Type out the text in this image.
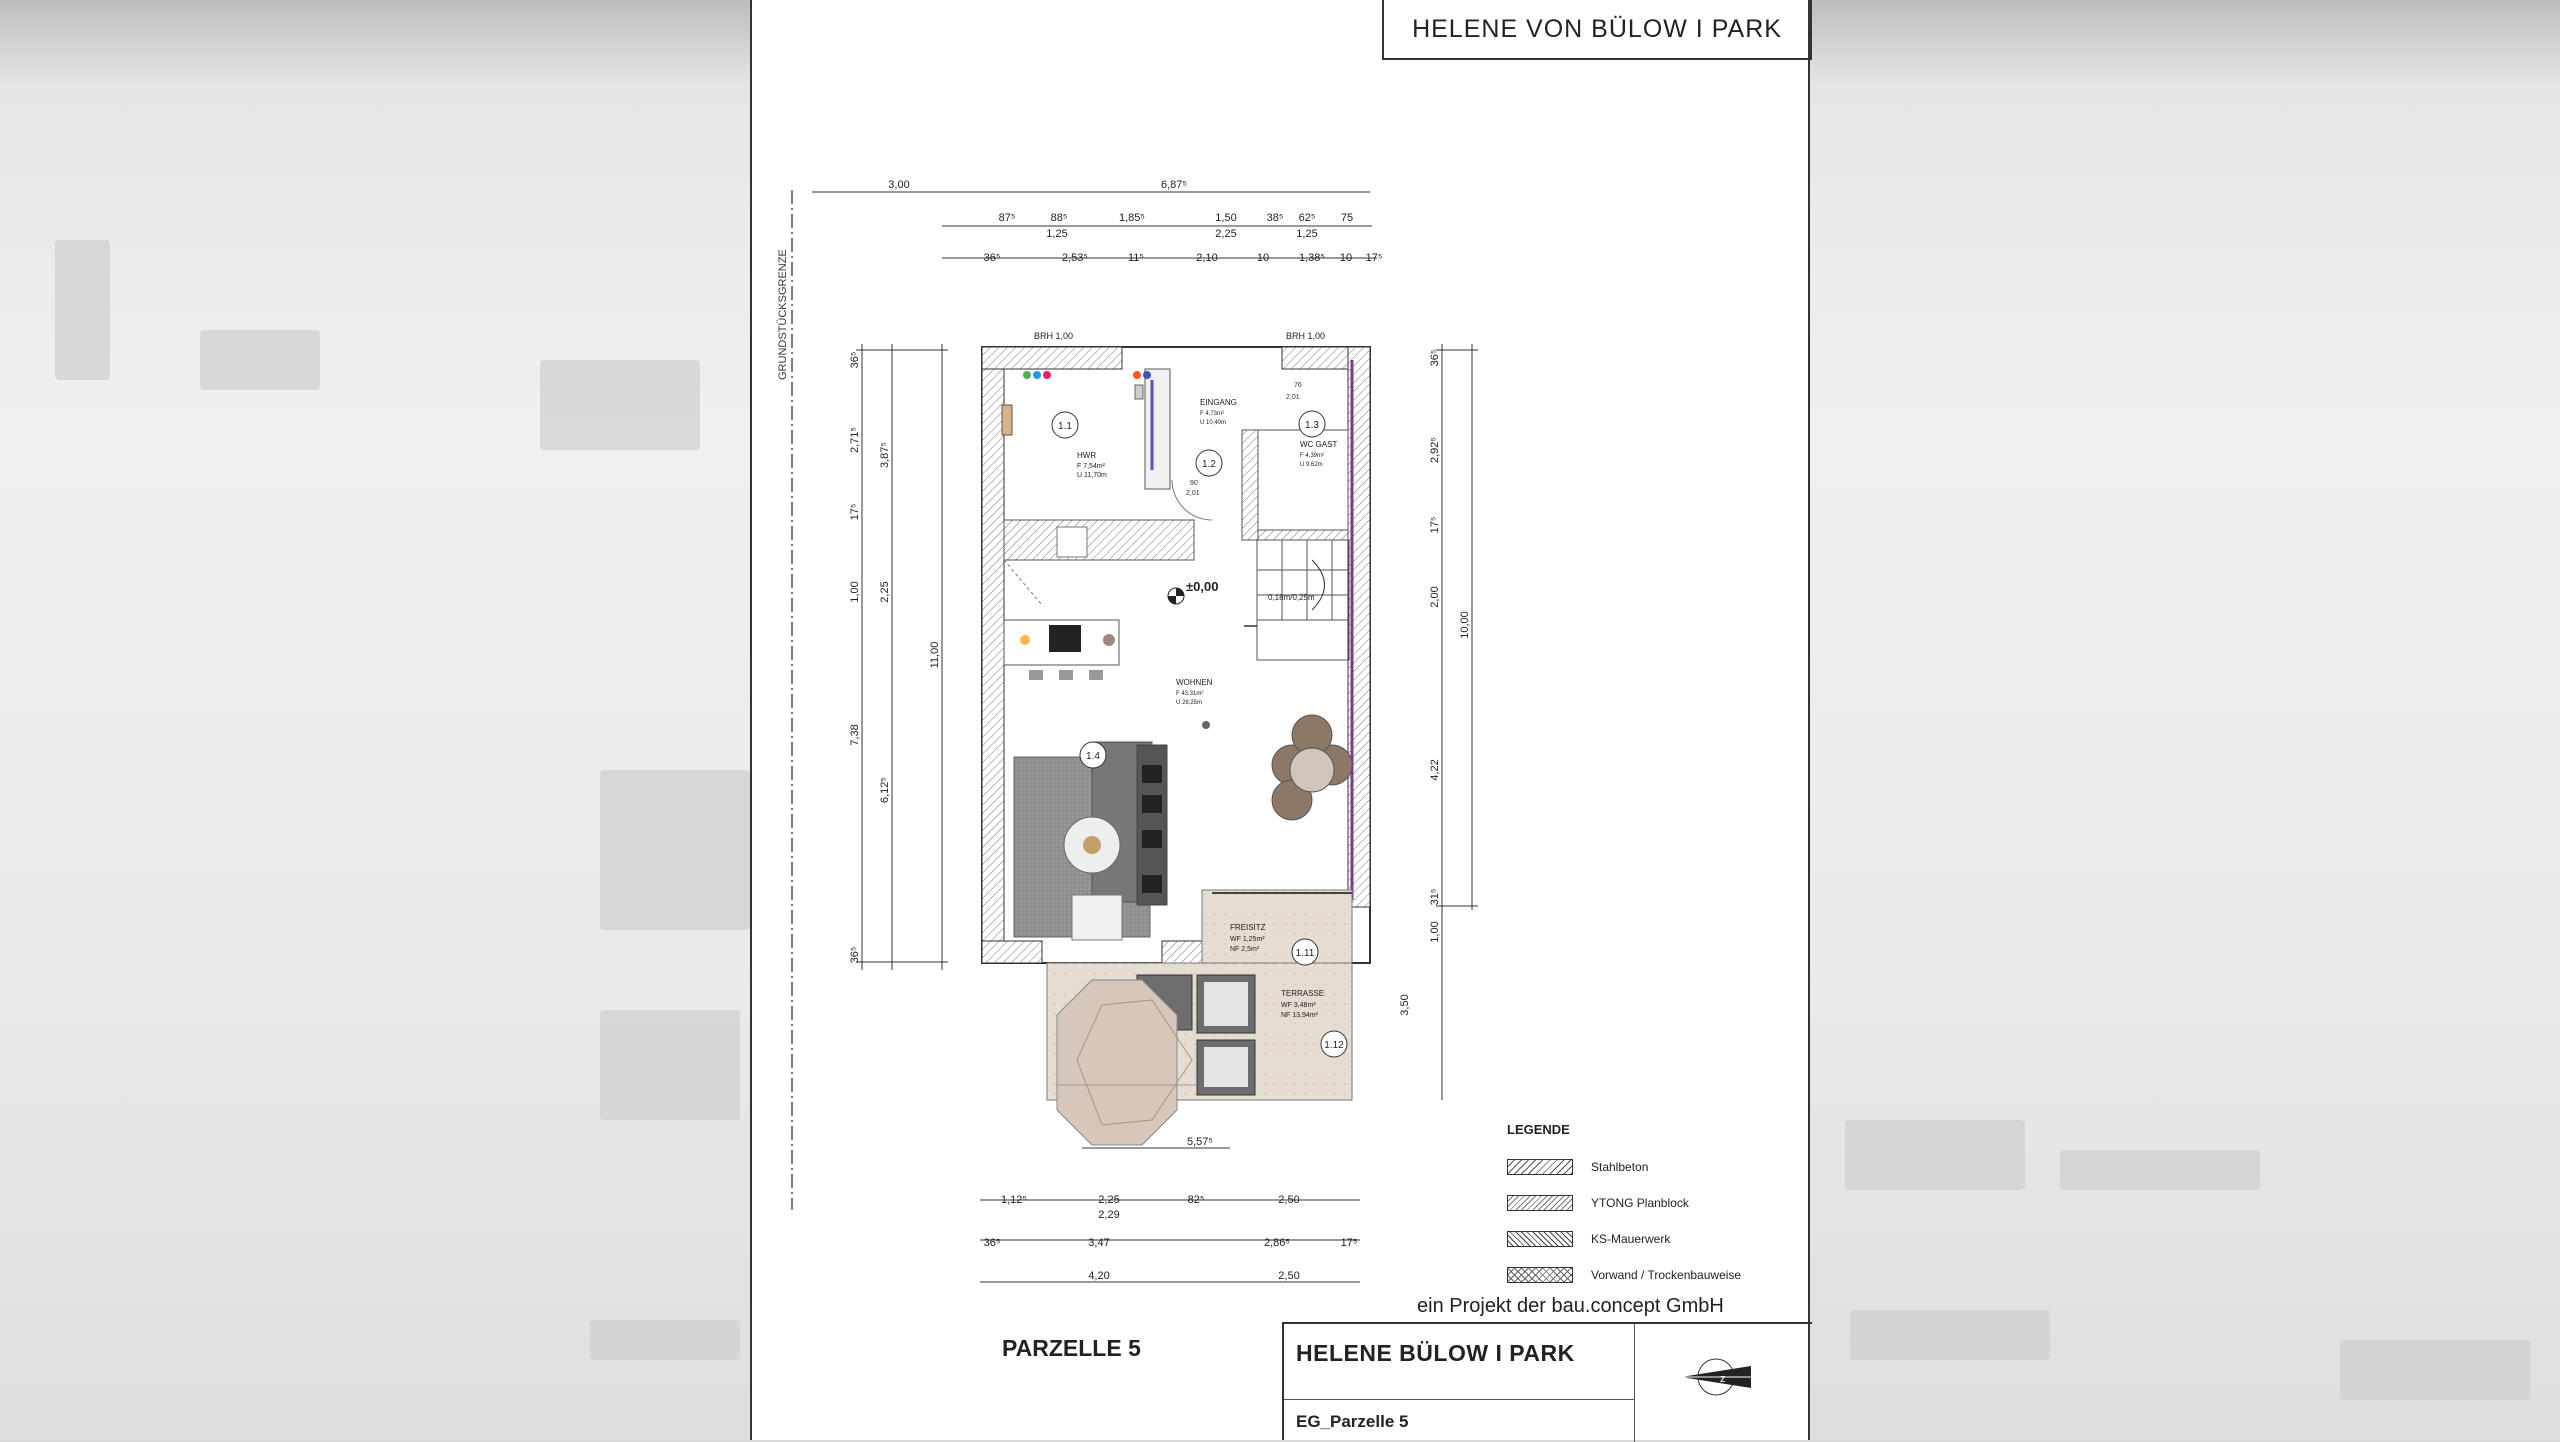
HELENE VON BÜLOW I PARK
GRUNDSTÜCKSGRENZE
3,00	6,87⁵
87⁵	88⁵	1,85⁵	1,50	38⁵ 62⁵ 75
1,25	2,25	1,25
36⁵	2,53⁵	11⁵	2,10	10	1,38⁵ 10 17⁵
36⁵
2,71⁵
17⁵
1,00
7,38
36⁵
3,87⁵
2,25
6,12⁵
11,00
36⁵
2,92⁵
17⁵
2,00
4,22
31⁵
1,00
10,00
3,50
76
2,01
90
2,01
BRH 1,00	BRH 1,00
0,18m/0,25m
±0,00
1.1
HWR
F 7,54m²
U 11,70m
1.2
EINGANG
F 4,73m²
U 10,40m	1.3
WC GAST
F 4,39m²
U 9,62m
1.4
WOHNEN
F 43,31m²
U 28,25m
1.11
FREISITZ
WF 1,25m²
NF 2,5m²
1.12
TERRASSE
WF 3,48m²
NF 13,94m²
5,57⁵
1,12⁵	2,25	82⁵	2,50
2,29
36⁵	3,47	2,86⁵	17⁵
4,20	2,50
LEGENDE
Stahlbeton
YTONG Planblock
KS-Mauerwerk
Vorwand / Trockenbauweise
ein Projekt der bau.concept GmbH
PARZELLE 5	HELENE BÜLOW I PARK
EG_Parzelle 5
z
